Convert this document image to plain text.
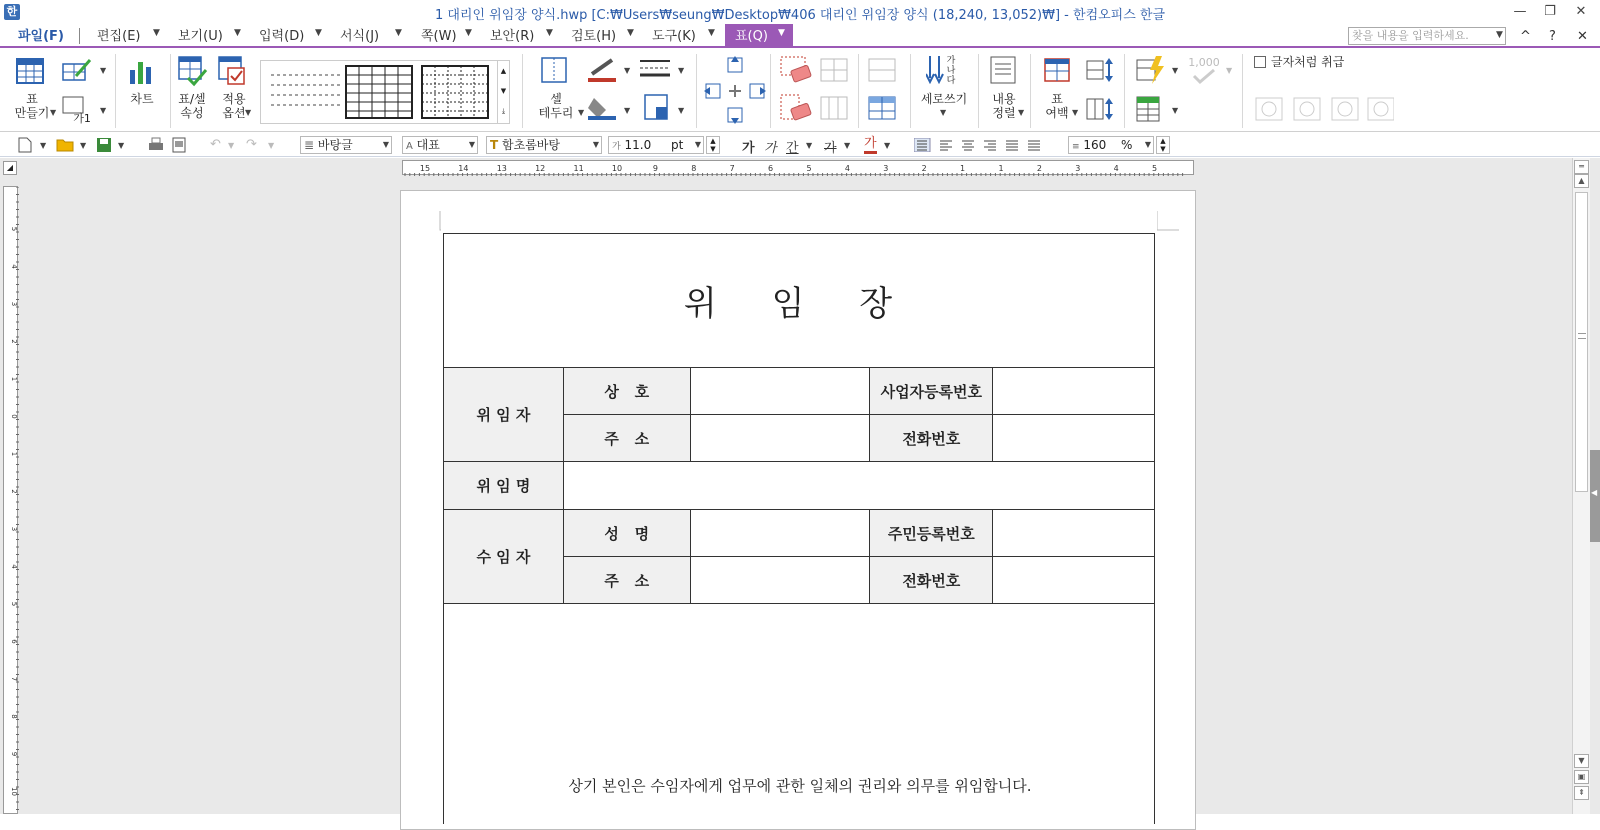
한	1 대리인 위임장 양식.hwp [C:₩Users₩seung₩Desktop₩406 대리인 위임장 양식 (18,240, 13,052)₩] - 한컴오피스 한글	—	❐	✕
파일(F)	편집(E) ▼ 보기(U) ▼ 입력(D) ▼ 서식(J) ▼ 쪽(W) ▼ 보안(R) ▼ 검토(H) ▼ 도구(K) ▼ 표(Q) ▼	찾을 내용을 입력하세요.	▼ ^ ? ✕
표
만들기 ▼
▼
가1
▼
차트	표/셀
속성
적용
옵션 ▼
▲
▼
⤓
셀
테두리 ▼
▼	▼
▼	▼
가
나
다
세로쓰기
▼
내용
정렬 ▼
표
여백 ▼
▼
▼
1,000
▼
글자처럼 취급
▼	▼	▼	↶ ▼ ↷ ▼	≣ 바탕글	▼	A 대표	▼	T 함초롬바탕	▼	가 11.0 pt ▼	▲
▼	가 가 간 ▼ 가 ▼ 가 ▼	≡ 160 % ▼	▲
▼
◢	15	14	13	12	11	10	9	8	7	6	5	4	3	2	1	1	2	3	4	5
5
4
3
2
1
0
1
2
3
4
5
6
7
8
9
10
위 임 장				
위 임 자	상   호		사업자등록번호	
	주   소		전화번호	
위 임 명				
수 임 자	성   명		주민등록번호	
	주   소		전화번호	

상기 본인은 수임자에게 업무에 관한 일체의 권리와 의무를 위임합니다.				
═
▲
▼
▣
⇞
◀
